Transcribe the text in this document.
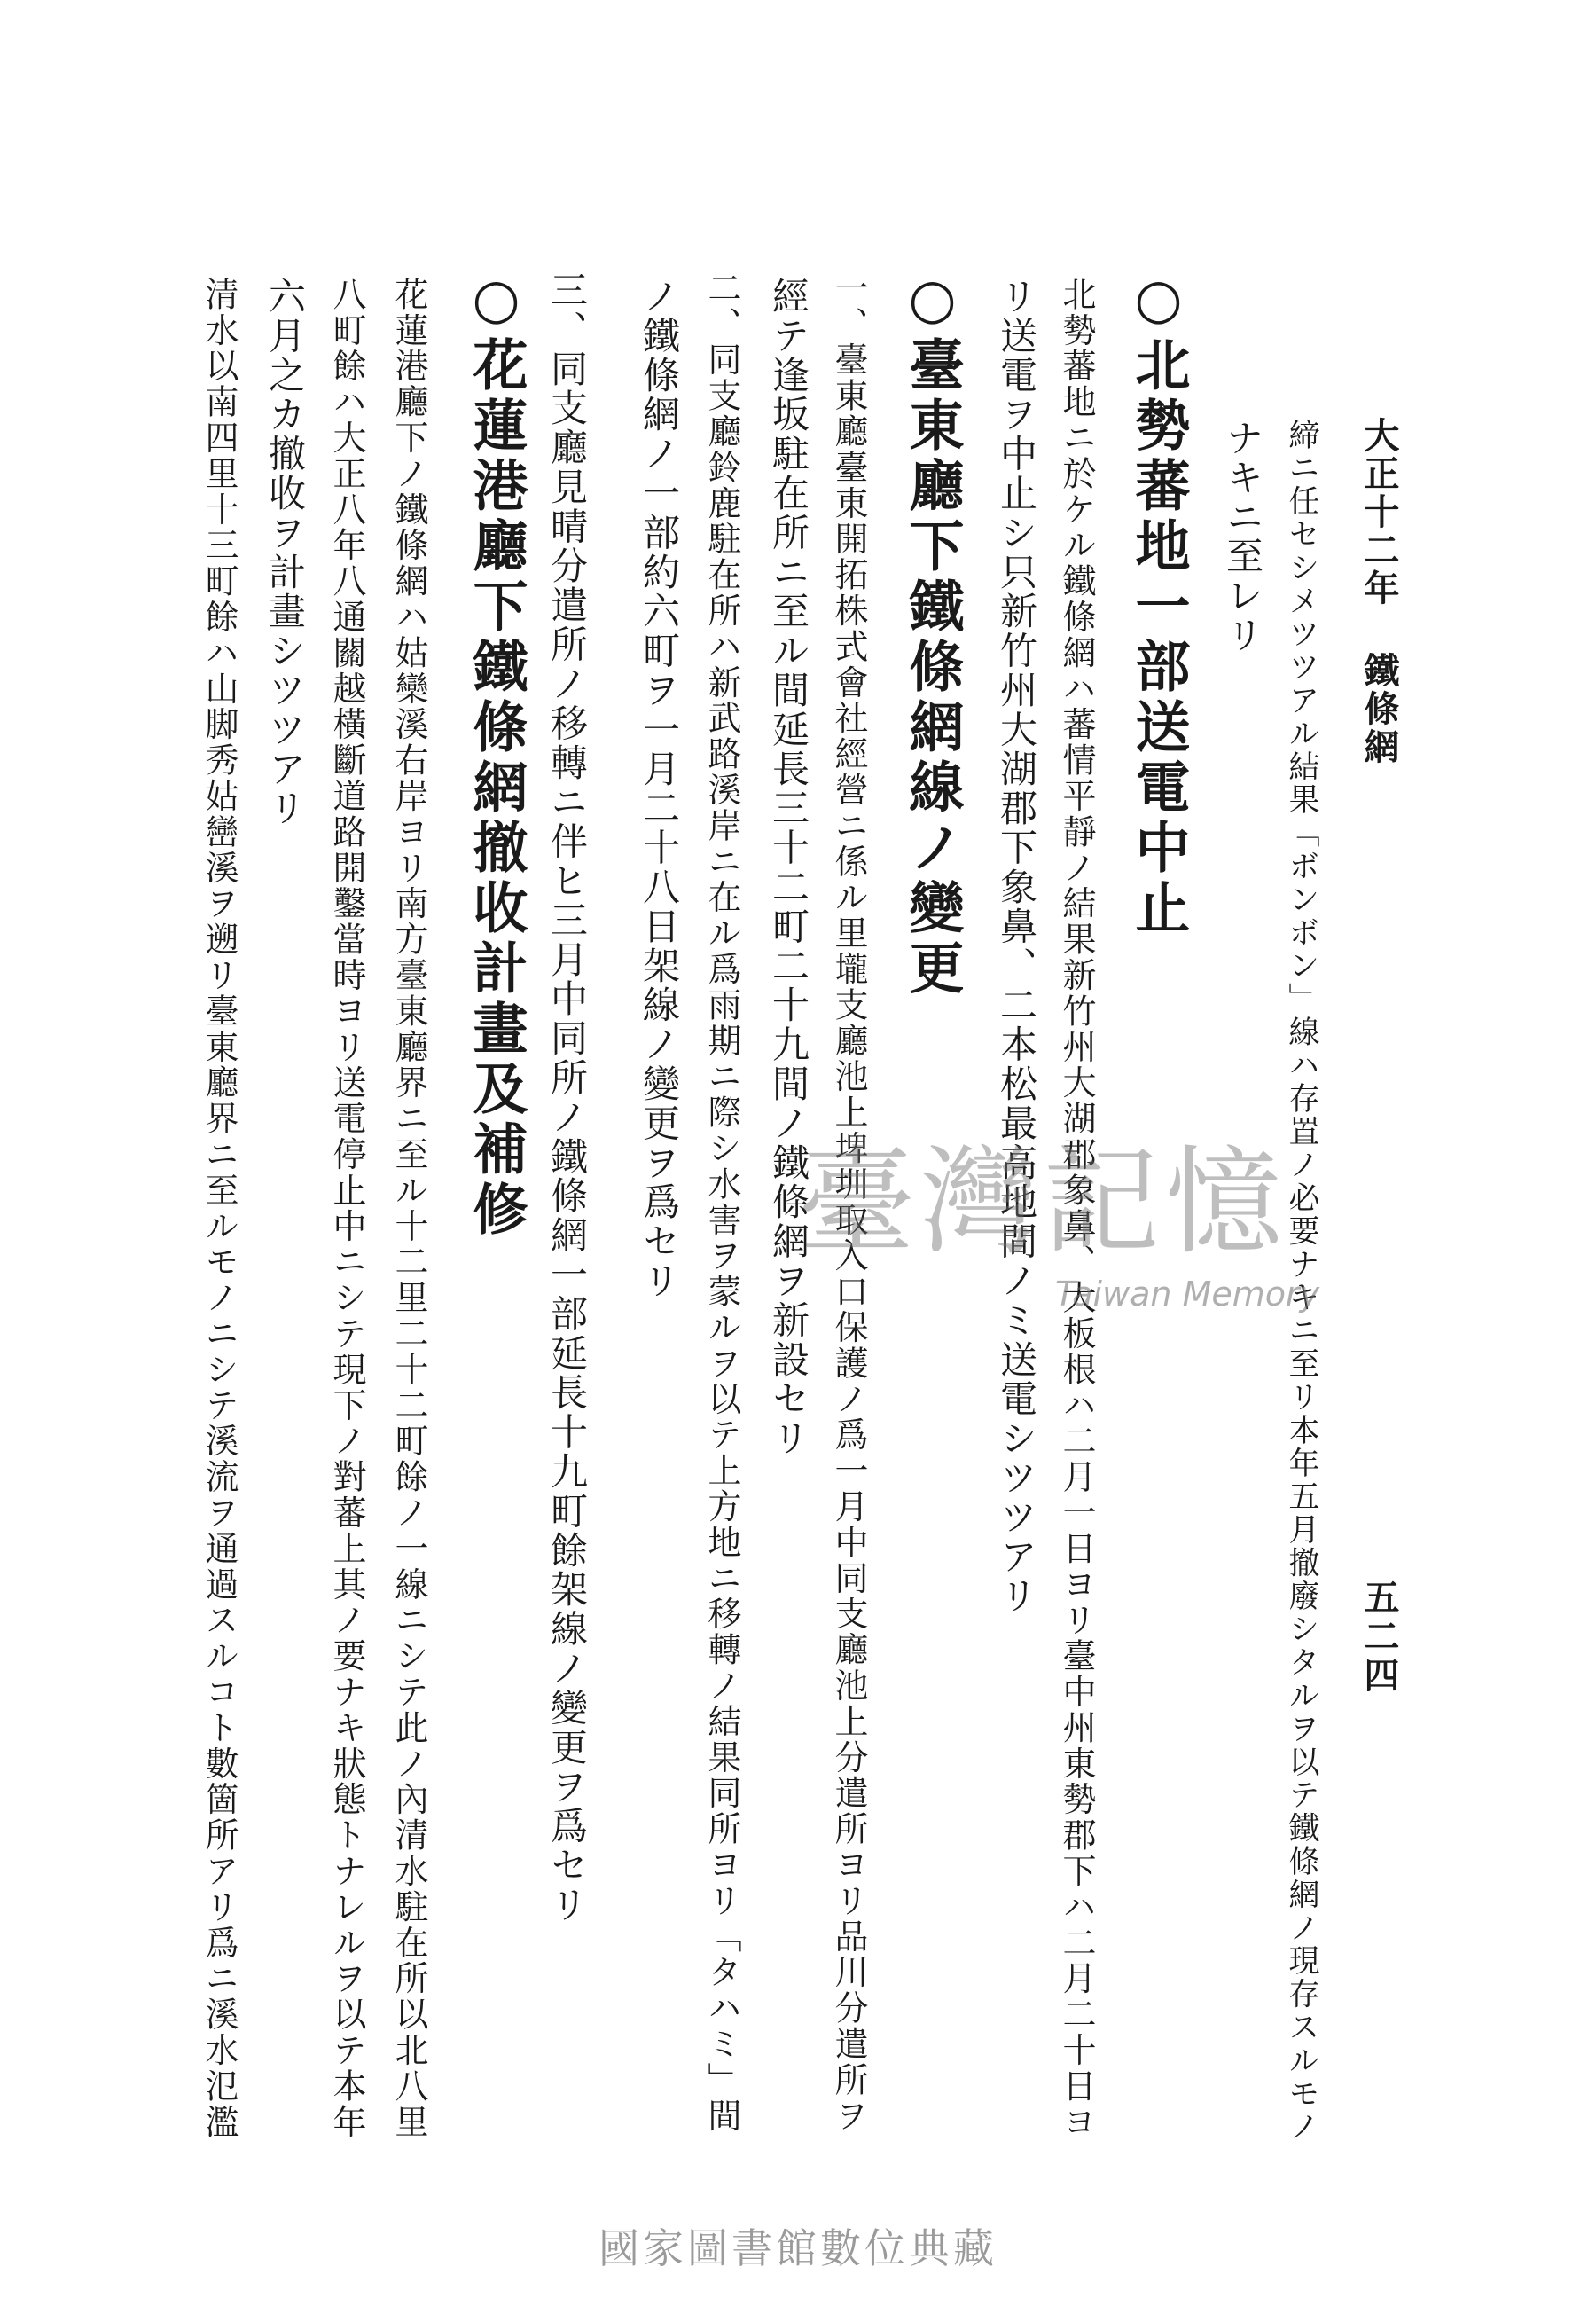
大正十二年 鐵條網
五二四
締ニ任セシメツツアル結果「ボンボン」線ハ存置ノ必要ナキニ至リ本年五月撤廢シタルヲ以テ鐵條網ノ現存スルモノ
ナキニ至レリ
○北勢蕃地一部送電中止
北勢蕃地ニ於ケル鐵條網ハ蕃情平靜ノ結果新竹州大湖郡象鼻、大板根ハ二月一日ヨリ臺中州東勢郡下ハ二月二十日ヨ
リ送電ヲ中止シ只新竹州大湖郡下象鼻、二本松最高地間ノミ送電シツツアリ
○臺東廳下鐵條網線ノ變更
一、臺東廳臺東開拓株式會社經營ニ係ル里壠支廳池上埤圳取入口保護ノ爲一月中同支廳池上分遣所ヨリ品川分遣所ヲ
經テ逢坂駐在所ニ至ル間延長三十二町二十九間ノ鐵條網ヲ新設セリ
二、同支廳鈴鹿駐在所ハ新武路溪岸ニ在ル爲雨期ニ際シ水害ヲ蒙ルヲ以テ上方地ニ移轉ノ結果同所ヨリ「タハミ」間
ノ鐵條網ノ一部約六町ヲ一月二十八日架線ノ變更ヲ爲セリ
三、同支廳見晴分遣所ノ移轉ニ伴ヒ三月中同所ノ鐵條網一部延長十九町餘架線ノ變更ヲ爲セリ
○花蓮港廳下鐵條網撤收計畫及補修
花蓮港廳下ノ鐵條網ハ姑欒溪右岸ヨリ南方臺東廳界ニ至ル十二里二十二町餘ノ一線ニシテ此ノ內清水駐在所以北八里
八町餘ハ大正八年八通關越橫斷道路開鑿當時ヨリ送電停止中ニシテ現下ノ對蕃上其ノ要ナキ狀態トナレルヲ以テ本年
六月之カ撤收ヲ計畫シツツアリ
清水以南四里十三町餘ハ山脚秀姑巒溪ヲ遡リ臺東廳界ニ至ルモノニシテ溪流ヲ通過スルコト數箇所アリ爲ニ溪水氾濫	臺灣記憶
Taiwan Memory
國家圖書館數位典藏
